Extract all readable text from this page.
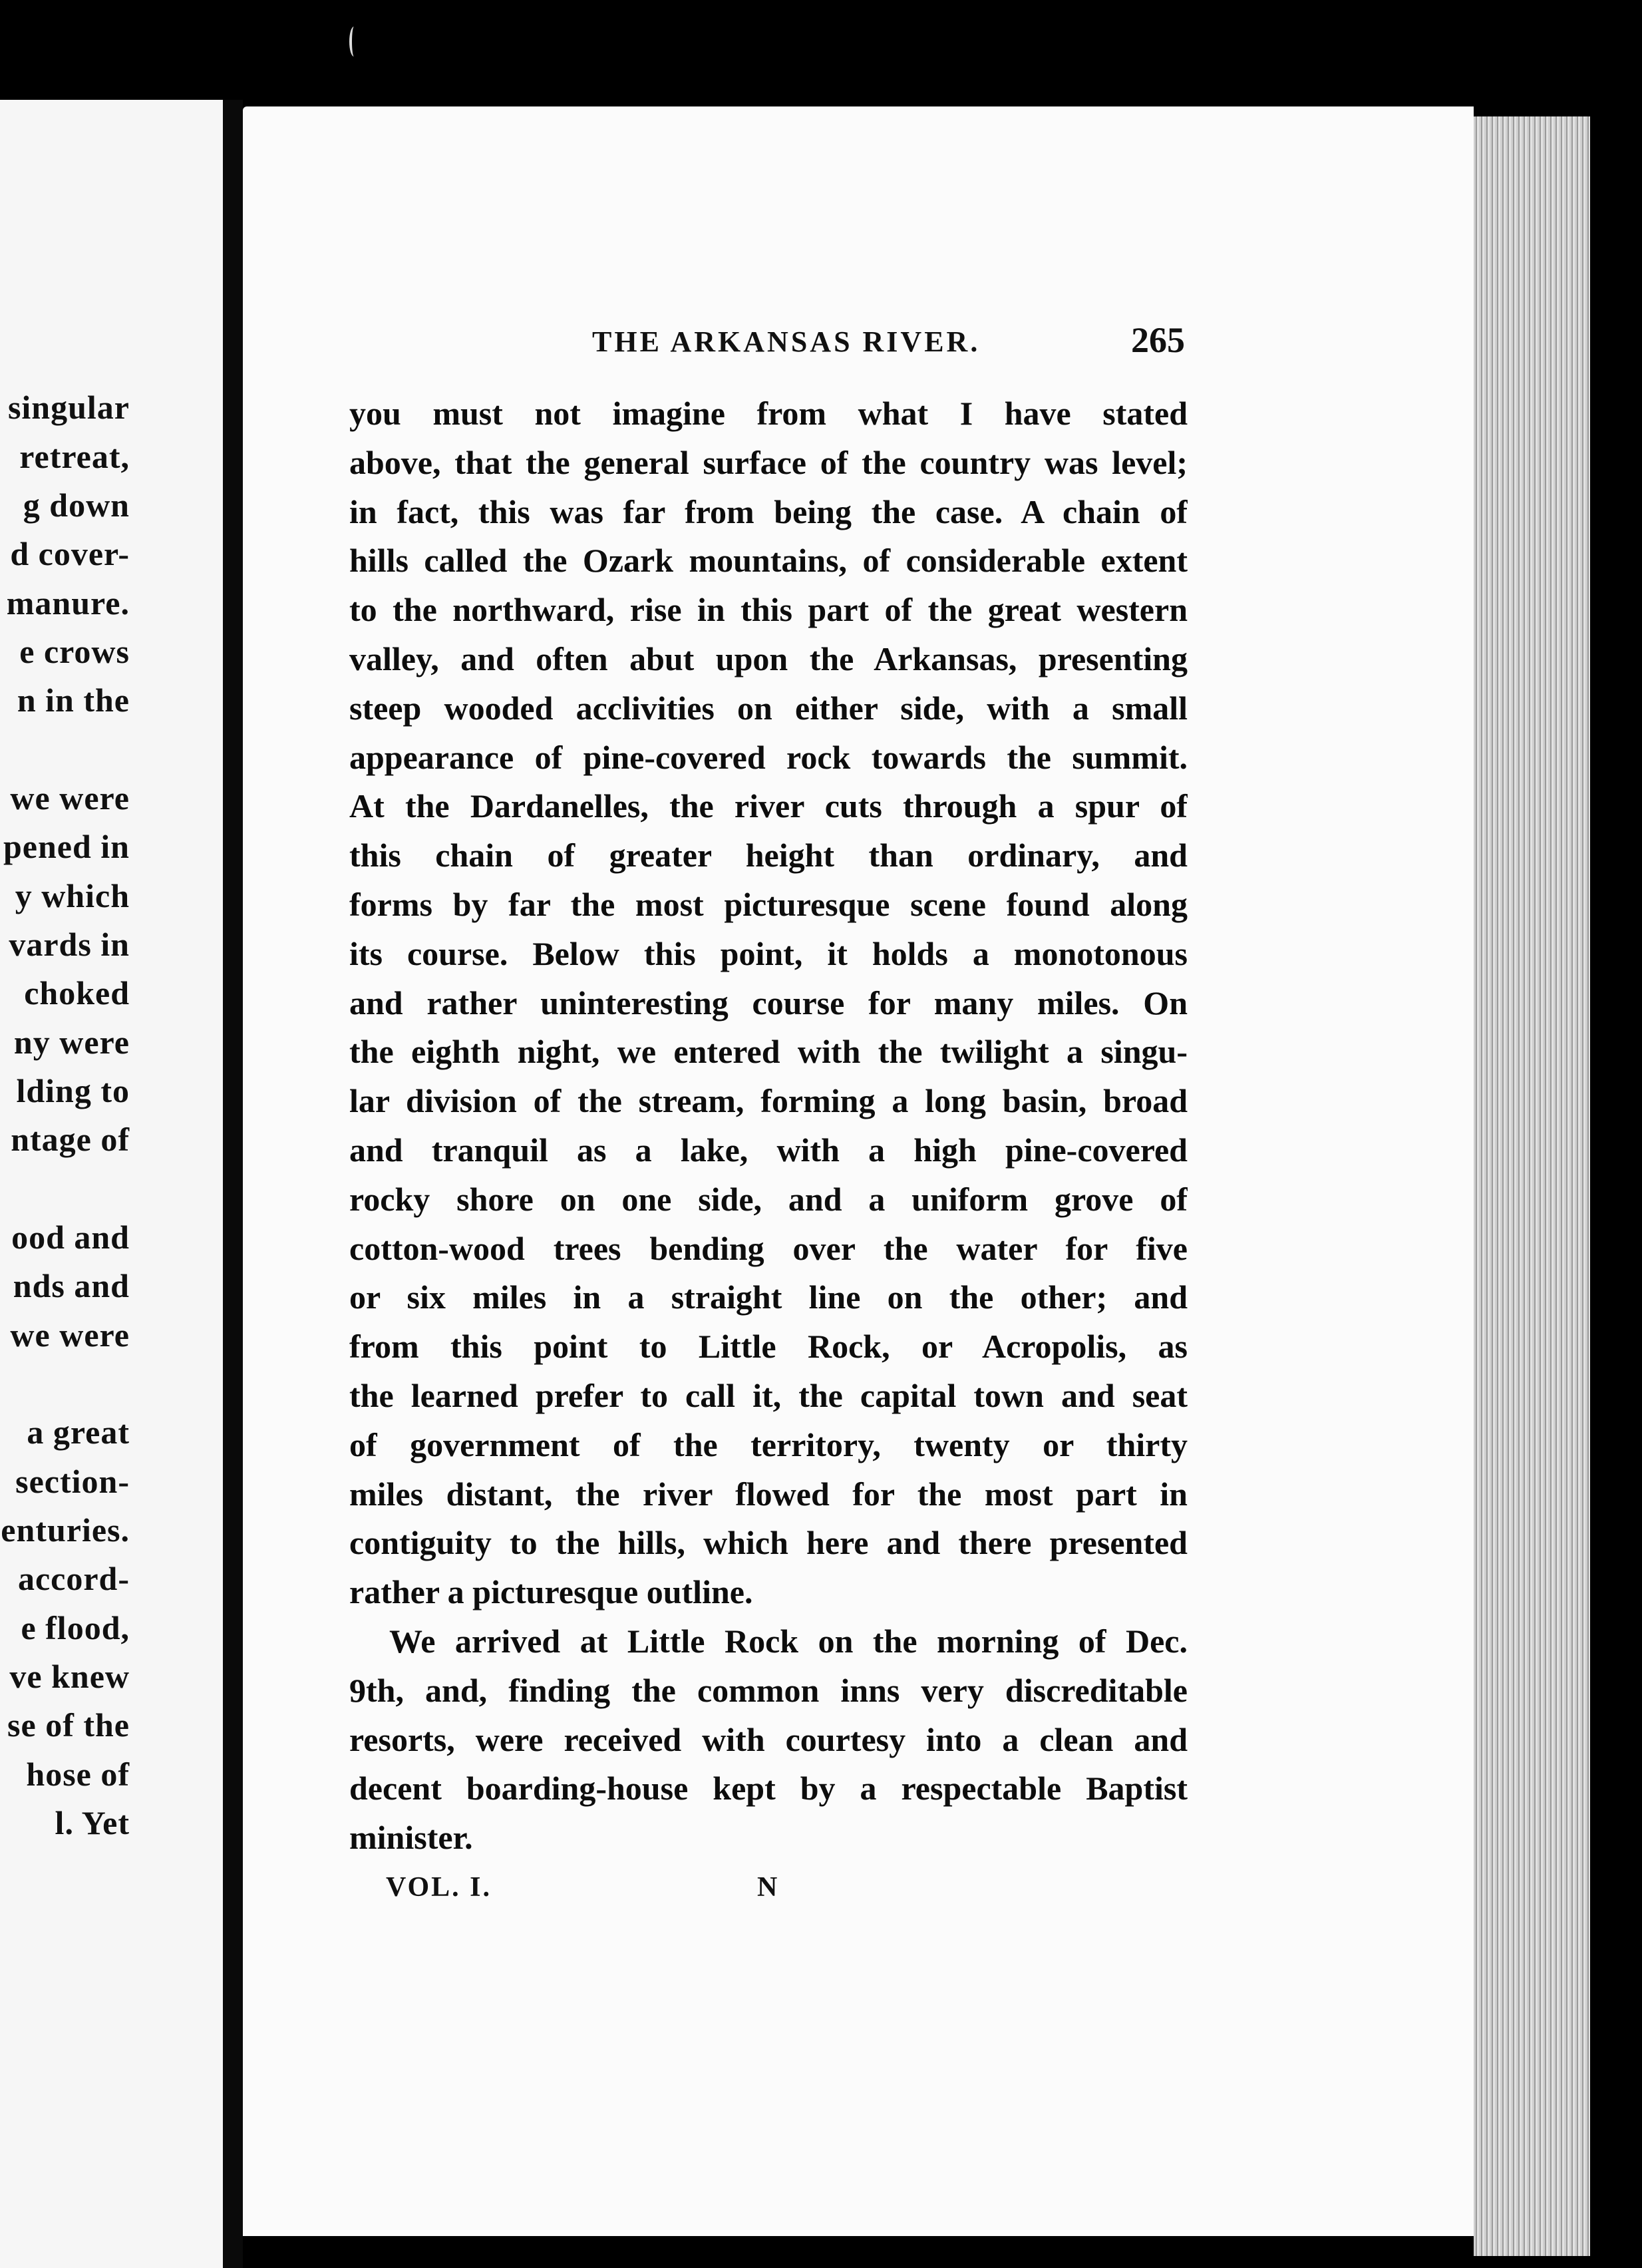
singular
retreat,
g down
d cover-
manure.
e crows
n in the
we were
pened in
y which
vards in
choked
ny were
lding to
ntage of
ood and
nds and
we were
a great
section-
enturies.
accord-
e flood,
ve knew
se of the
hose of
l. Yet
THE ARKANSAS RIVER.	265
you must not imagine from what I have stated
above, that the general surface of the country was level;
in fact, this was far from being the case. A chain of
hills called the Ozark mountains, of considerable extent
to the northward, rise in this part of the great western
valley, and often abut upon the Arkansas, presenting
steep wooded acclivities on either side, with a small
appearance of pine-covered rock towards the summit.
At the Dardanelles, the river cuts through a spur of
this chain of greater height than ordinary, and
forms by far the most picturesque scene found along
its course. Below this point, it holds a monotonous
and rather uninteresting course for many miles. On
the eighth night, we entered with the twilight a singu-
lar division of the stream, forming a long basin, broad
and tranquil as a lake, with a high pine-covered
rocky shore on one side, and a uniform grove of
cotton-wood trees bending over the water for five
or six miles in a straight line on the other; and
from this point to Little Rock, or Acropolis, as
the learned prefer to call it, the capital town and seat
of government of the territory, twenty or thirty
miles distant, the river flowed for the most part in
contiguity to the hills, which here and there presented
rather a picturesque outline.
We arrived at Little Rock on the morning of Dec.
9th, and, finding the common inns very discreditable
resorts, were received with courtesy into a clean and
decent boarding-house kept by a respectable Baptist
minister.
VOL. I.	N
